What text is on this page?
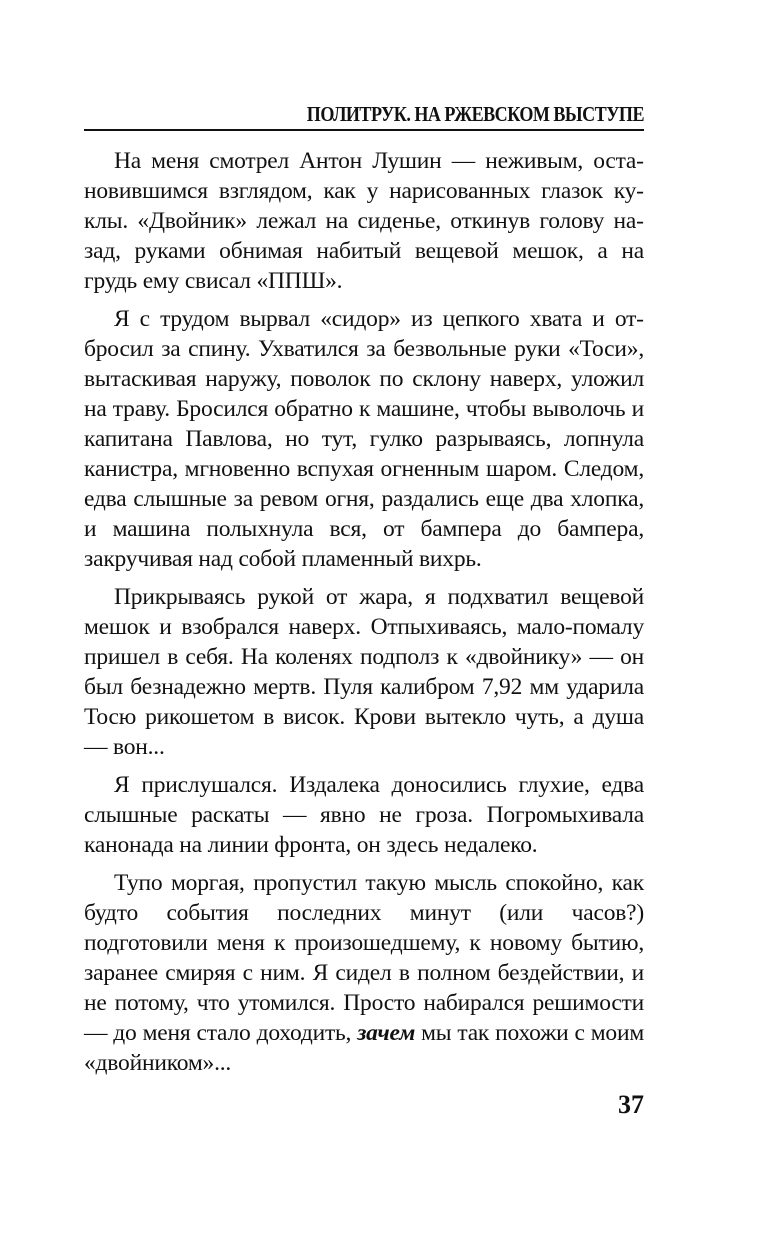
ПОЛИТРУК. НА РЖЕВСКОМ ВЫСТУПЕ

На меня смотрел Антон Лушин — неживым, остановившимся взглядом, как у нарисованных глазок куклы. «Двойник» лежал на сиденье, откинув голову назад, руками обнимая набитый вещевой мешок, а на грудь ему свисал «ППШ».

Я с трудом вырвал «сидор» из цепкого хвата и отбросил за спину. Ухватился за безвольные руки «Тоси», вытаскивая наружу, поволок по склону наверх, уложил на траву. Бросился обратно к машине, чтобы выволочь и капитана Павлова, но тут, гулко разрываясь, лопнула канистра, мгновенно вспухая огненным шаром. Следом, едва слышные за ревом огня, раздались еще два хлопка, и машина полыхнула вся, от бампера до бампера, закручивая над собой пламенный вихрь.

Прикрываясь рукой от жара, я подхватил вещевой мешок и взобрался наверх. Отпыхиваясь, мало-помалу пришел в себя. На коленях подполз к «двойнику» — он был безнадежно мертв. Пуля калибром 7,92 мм ударила Тосю рикошетом в висок. Крови вытекло чуть, а душа — вон...

Я прислушался. Издалека доносились глухие, едва слышные раскаты — явно не гроза. Погромыхивала канонада на линии фронта, он здесь недалеко.

Тупо моргая, пропустил такую мысль спокойно, как будто события последних минут (или часов?) подготовили меня к произошедшему, к новому бытию, заранее смиряя с ним. Я сидел в полном бездействии, и не потому, что утомился. Просто набирался решимости — до меня стало доходить, зачем мы так похожи с моим «двойником»...

37
